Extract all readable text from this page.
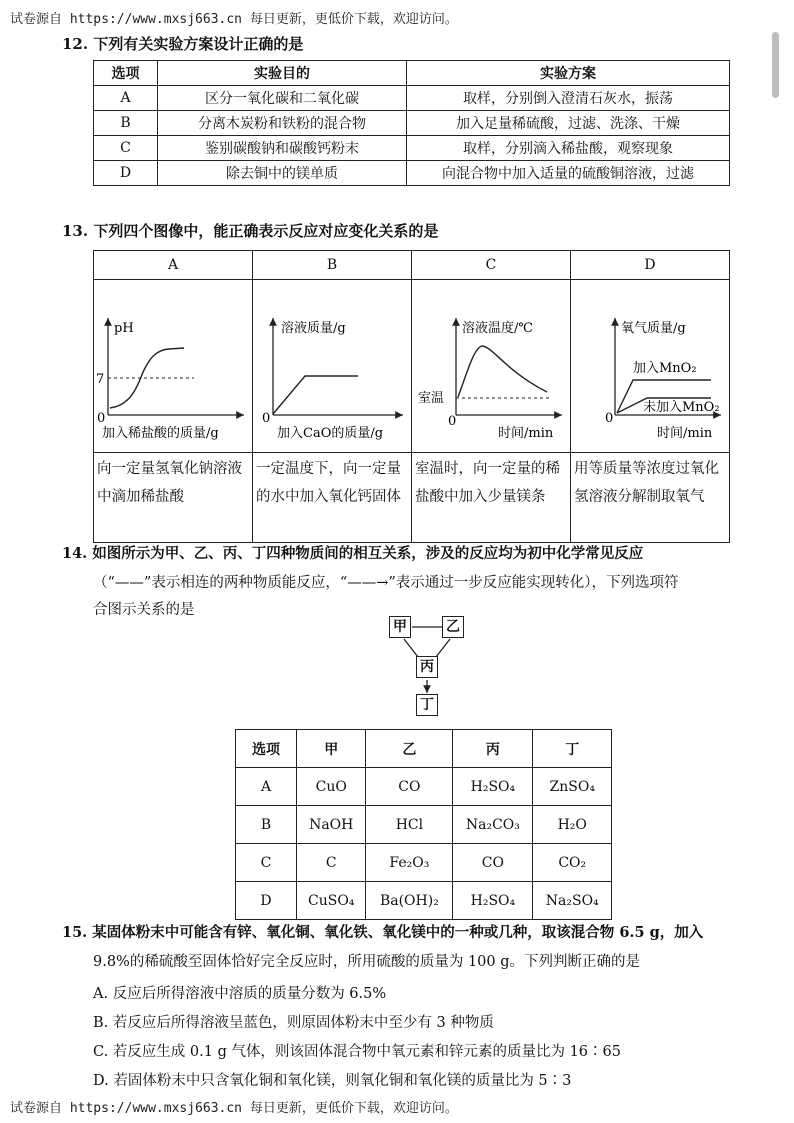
试卷源自 https://www.mxsj663.cn 每日更新，更低价下载，欢迎访问。
12. 下列有关实验方案设计正确的是
选项	实验目的	实验方案
A	区分一氧化碳和二氧化碳	取样，分别倒入澄清石灰水，振荡
B	分离木炭粉和铁粉的混合物	加入足量稀硫酸，过滤、洗涤、干燥
C	鉴别碳酸钠和碳酸钙粉末	取样，分别滴入稀盐酸，观察现象
D	除去铜中的镁单质	向混合物中加入适量的硫酸铜溶液，过滤
13. 下列四个图像中，能正确表示反应对应变化关系的是
A	B	C	D

pH
7
0
加入稀盐酸的质量/g	溶液质量/g
0
加入CaO的质量/g	溶液温度/℃
室温
0
时间/min	氧气质量/g
0
加入MnO₂
未加入MnO₂
时间/min

向一定量氢氧化钠溶液中滴加稀盐酸	一定温度下，向一定量的水中加入氧化钙固体	室温时，向一定量的稀盐酸中加入少量镁条	用等质量等浓度过氧化氢溶液分解制取氧气
14. 如图所示为甲、乙、丙、丁四种物质间的相互关系，涉及的反应均为初中化学常见反应
（“——”表示相连的两种物质能反应，“——→”表示通过一步反应能实现转化），下列选项符
合图示关系的是
甲	乙
丙
丁
选项	甲	乙	丙	丁
A	CuO	CO	H₂SO₄	ZnSO₄
B	NaOH	HCl	Na₂CO₃	H₂O
C	C	Fe₂O₃	CO	CO₂
D	CuSO₄	Ba(OH)₂	H₂SO₄	Na₂SO₄
15. 某固体粉末中可能含有锌、氧化铜、氧化铁、氧化镁中的一种或几种，取该混合物 6.5 g，加入
9.8%的稀硫酸至固体恰好完全反应时，所用硫酸的质量为 100 g。下列判断正确的是
A. 反应后所得溶液中溶质的质量分数为 6.5%
B. 若反应后所得溶液呈蓝色，则原固体粉末中至少有 3 种物质
C. 若反应生成 0.1 g 气体，则该固体混合物中氧元素和锌元素的质量比为 16∶65
D. 若固体粉末中只含氧化铜和氧化镁，则氧化铜和氧化镁的质量比为 5∶3
试卷源自 https://www.mxsj663.cn 每日更新，更低价下载，欢迎访问。
